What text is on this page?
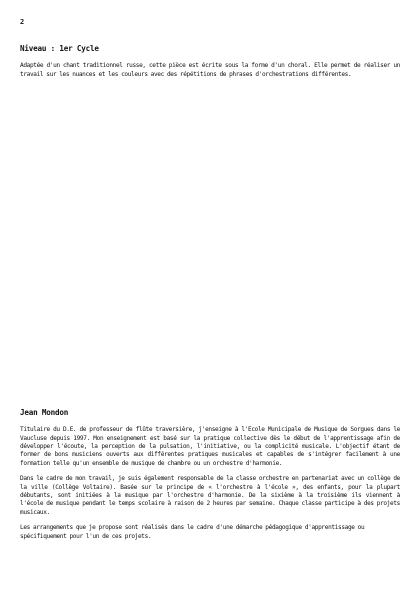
2
Niveau : 1er Cycle

Adaptée d'un chant traditionnel russe, cette pièce est écrite sous la forme d'un choral. Elle permet de réaliser un travail sur les nuances et les couleurs avec des répétitions de phrases d'orchestrations différentes.

Jean Mondon

Titulaire du D.E. de professeur de flûte traversière, j'enseigne à l'Ecole Municipale de Musique de Sorgues dans le Vaucluse depuis 1997. Mon enseignement est basé sur la pratique collective dès le début de l'apprentissage afin de développer l'écoute, la perception de la pulsation, l'initiative, ou la complicité musicale. L'objectif étant de former de bons musiciens ouverts aux différentes pratiques musicales et capables de s'intégrer facilement à une formation telle qu'un ensemble de musique de chambre ou un orchestre d'harmonie.

Dans le cadre de mon travail, je suis également responsable de la classe orchestre en partenariat avec un collège de la ville (Collège Voltaire). Basée sur le principe de « l'orchestre à l'école », des enfants, pour la plupart débutants, sont initiées à la musique par l'orchestre d'harmonie. De la sixième à la troisième ils viennent à l'école de musique pendant le temps scolaire à raison de 2 heures par semaine. Chaque classe participe à des projets musicaux.

Les arrangements que je propose sont réalisés dans le cadre d'une démarche pédagogique d'apprentissage ou spécifiquement pour l'un de ces projets.
